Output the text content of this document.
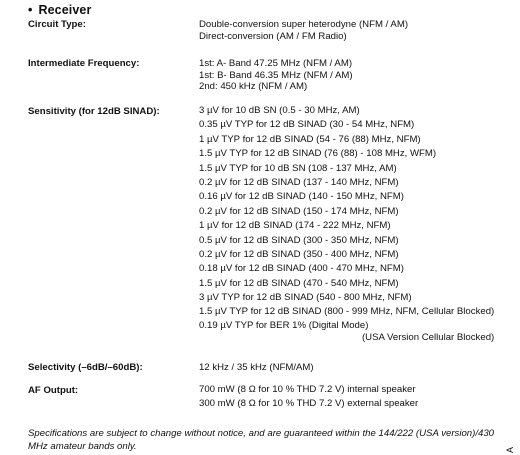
• Receiver
Circuit Type:	Double-conversion super heterodyne (NFM / AM)
Direct-conversion (AM / FM Radio)
Intermediate Frequency:	1st: A- Band 47.25 MHz (NFM / AM)
1st: B- Band 46.35 MHz (NFM / AM)
2nd: 450 kHz (NFM / AM)
Sensitivity (for 12dB SINAD):	3 µV for 10 dB SN (0.5 - 30 MHz, AM)
0.35 µV TYP for 12 dB SINAD (30 - 54 MHz, NFM)
1 µV TYP for 12 dB SINAD (54 - 76 (88) MHz, NFM)
1.5 µV TYP for 12 dB SINAD (76 (88) - 108 MHz, WFM)
1.5 µV TYP for 10 dB SN (108 - 137 MHz, AM)
0.2 µV for 12 dB SINAD (137 - 140 MHz, NFM)
0.16 µV for 12 dB SINAD (140 - 150 MHz, NFM)
0.2 µV for 12 dB SINAD (150 - 174 MHz, NFM)
1 µV for 12 dB SINAD (174 - 222 MHz, NFM)
0.5 µV for 12 dB SINAD (300 - 350 MHz, NFM)
0.2 µV for 12 dB SINAD (350 - 400 MHz, NFM)
0.18 µV for 12 dB SINAD (400 - 470 MHz, NFM)
1.5 µV for 12 dB SINAD (470 - 540 MHz, NFM)
3 µV TYP for 12 dB SINAD (540 - 800 MHz, NFM)
1.5 µV TYP for 12 dB SINAD (800 - 999 MHz, NFM, Cellular Blocked)
0.19 µV TYP for BER 1% (Digital Mode)
(USA Version Cellular Blocked)
Selectivity (–6dB/–60dB):	12 kHz / 35 kHz (NFM/AM)
AF Output:	700 mW (8 Ω for 10 % THD 7.2 V) internal speaker
300 mW (8 Ω for 10 % THD 7.2 V) external speaker
Specifications are subject to change without notice, and are guaranteed within the 144/222 (USA version)/430 MHz amateur bands only.	A
